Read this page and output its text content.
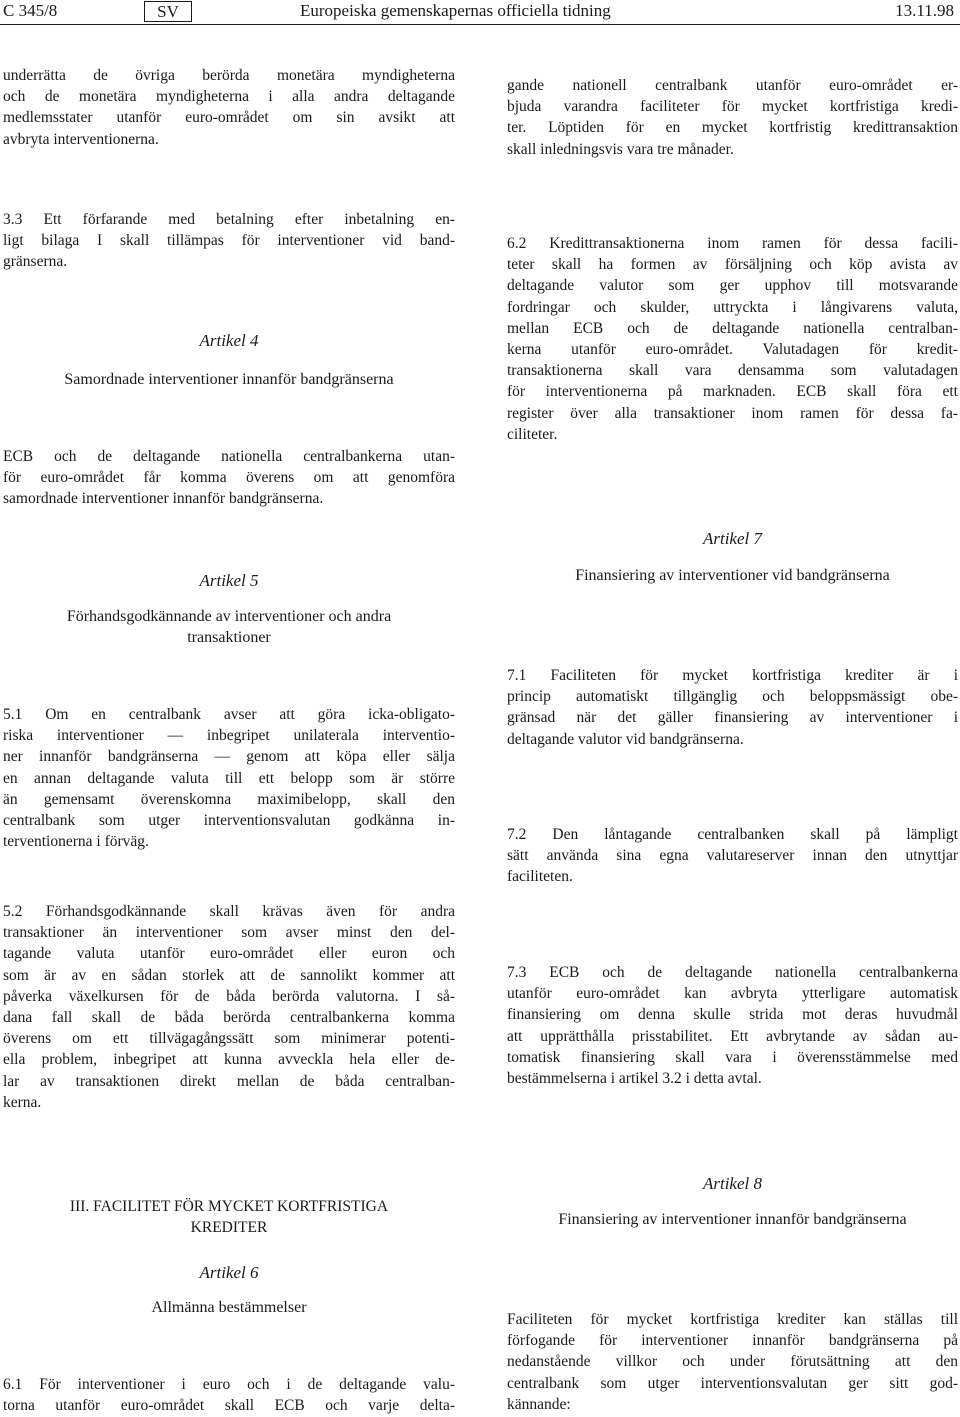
C 345/8	SV	Europeiska gemenskapernas officiella tidning	13.11.98
underrätta de övriga berörda monetära myndigheterna
och de monetära myndigheterna i alla andra deltagande
medlemsstater utanför euro-området om sin avsikt att
avbryta interventionerna.
3.3 Ett förfarande med betalning efter inbetalning en-
ligt bilaga I skall tillämpas för interventioner vid band-
gränserna.
Artikel 4
Samordnade interventioner innanför bandgränserna
ECB och de deltagande nationella centralbankerna utan-
för euro-området får komma överens om att genomföra
samordnade interventioner innanför bandgränserna.
Artikel 5
Förhandsgodkännande av interventioner och andra
transaktioner
5.1 Om en centralbank avser att göra icka-obligato-
riska interventioner — inbegripet unilaterala interventio-
ner innanför bandgränserna — genom att köpa eller sälja
en annan deltagande valuta till ett belopp som är större
än gemensamt överenskomna maximibelopp, skall den
centralbank som utger interventionsvalutan godkänna in-
terventionerna i förväg.
5.2 Förhandsgodkännande skall krävas även för andra
transaktioner än interventioner som avser minst den del-
tagande valuta utanför euro-området eller euron och
som är av en sådan storlek att de sannolikt kommer att
påverka växelkursen för de båda berörda valutorna. I så-
dana fall skall de båda berörda centralbankerna komma
överens om ett tillvägagångssätt som minimerar potenti-
ella problem, inbegripet att kunna avveckla hela eller de-
lar av transaktionen direkt mellan de båda centralban-
kerna.
III. FACILITET FÖR MYCKET KORTFRISTIGA
KREDITER
Artikel 6
Allmänna bestämmelser
6.1 För interventioner i euro och i de deltagande valu-
torna utanför euro-området skall ECB och varje delta-
gande nationell centralbank utanför euro-området er-
bjuda varandra faciliteter för mycket kortfristiga kredi-
ter. Löptiden för en mycket kortfristig kredittransaktion
skall inledningsvis vara tre månader.
6.2 Kredittransaktionerna inom ramen för dessa facili-
teter skall ha formen av försäljning och köp avista av
deltagande valutor som ger upphov till motsvarande
fordringar och skulder, uttryckta i långivarens valuta,
mellan ECB och de deltagande nationella centralban-
kerna utanför euro-området. Valutadagen för kredit-
transaktionerna skall vara densamma som valutadagen
för interventionerna på marknaden. ECB skall föra ett
register över alla transaktioner inom ramen för dessa fa-
ciliteter.
Artikel 7
Finansiering av interventioner vid bandgränserna
7.1 Faciliteten för mycket kortfristiga krediter är i
princip automatiskt tillgänglig och beloppsmässigt obe-
gränsad när det gäller finansiering av interventioner i
deltagande valutor vid bandgränserna.
7.2 Den låntagande centralbanken skall på lämpligt
sätt använda sina egna valutareserver innan den utnyttjar
faciliteten.
7.3 ECB och de deltagande nationella centralbankerna
utanför euro-området kan avbryta ytterligare automatisk
finansiering om denna skulle strida mot deras huvudmål
att upprätthålla prisstabilitet. Ett avbrytande av sådan au-
tomatisk finansiering skall vara i överensstämmelse med
bestämmelserna i artikel 3.2 i detta avtal.
Artikel 8
Finansiering av interventioner innanför bandgränserna
Faciliteten för mycket kortfristiga krediter kan ställas till
förfogande för interventioner innanför bandgränserna på
nedanstående villkor och under förutsättning att den
centralbank som utger interventionsvalutan ger sitt god-
kännande:
